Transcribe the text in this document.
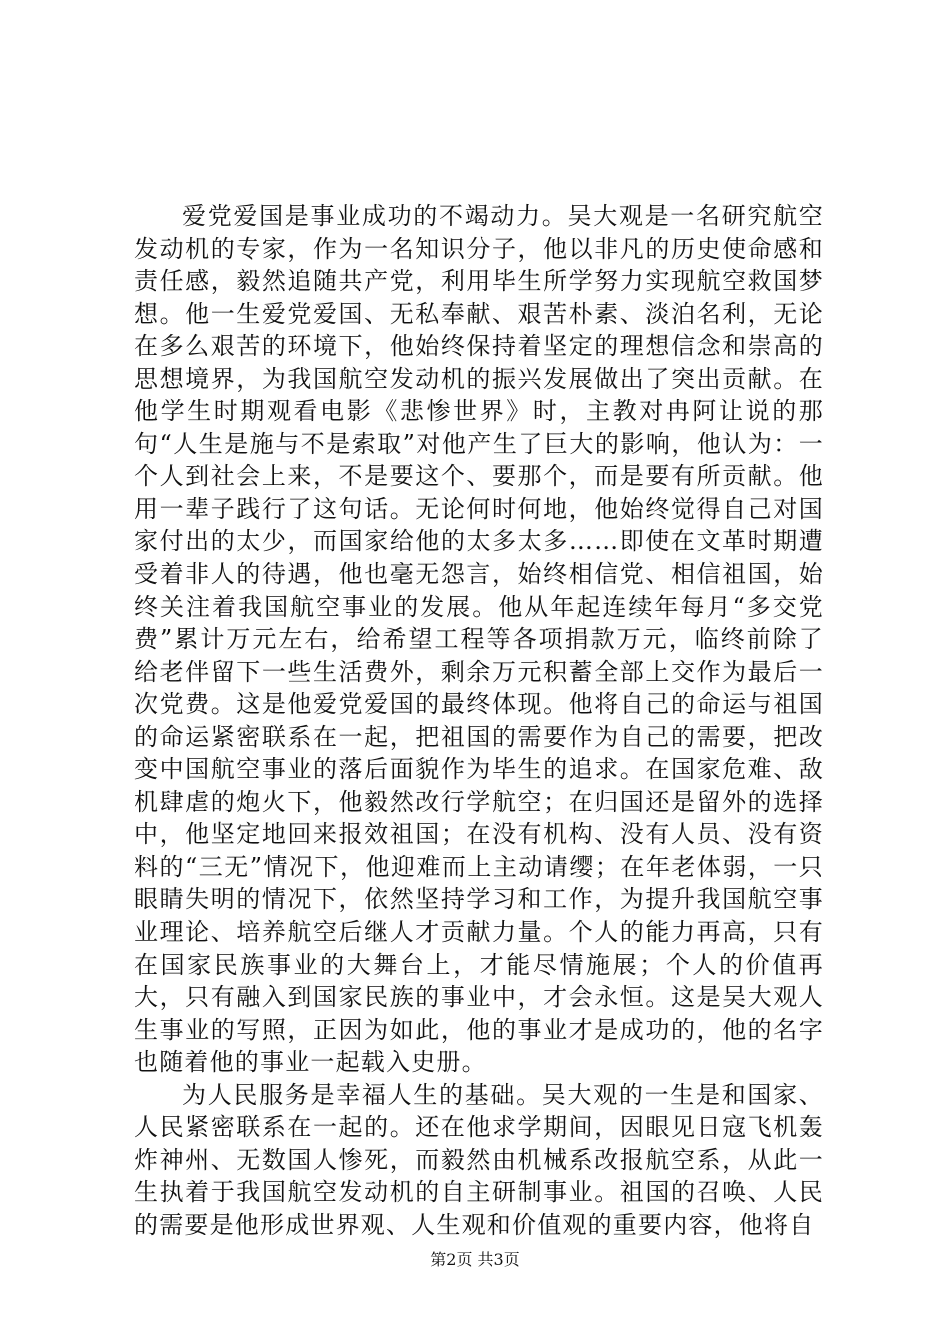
爱党爱国是事业成功的不竭动力。吴大观是一名研究航空发动机的专家，作为一名知识分子，他以非凡的历史使命感和责任感，毅然追随共产党，利用毕生所学努力实现航空救国梦想。他一生爱党爱国、无私奉献、艰苦朴素、淡泊名利，无论在多么艰苦的环境下，他始终保持着坚定的理想信念和崇高的思想境界，为我国航空发动机的振兴发展做出了突出贡献。在他学生时期观看电影《悲惨世界》时，主教对冉阿让说的那句“人生是施与不是索取”对他产生了巨大的影响，他认为：一个人到社会上来，不是要这个、要那个，而是要有所贡献。他用一辈子践行了这句话。无论何时何地，他始终觉得自己对国家付出的太少，而国家给他的太多太多……即使在文革时期遭受着非人的待遇，他也毫无怨言，始终相信党、相信祖国，始终关注着我国航空事业的发展。他从年起连续年每月“多交党费”累计万元左右，给希望工程等各项捐款万元，临终前除了给老伴留下一些生活费外，剩余万元积蓄全部上交作为最后一次党费。这是他爱党爱国的最终体现。他将自己的命运与祖国的命运紧密联系在一起，把祖国的需要作为自己的需要，把改变中国航空事业的落后面貌作为毕生的追求。在国家危难、敌机肆虐的炮火下，他毅然改行学航空；在归国还是留外的选择中，他坚定地回来报效祖国；在没有机构、没有人员、没有资料的“三无”情况下，他迎难而上主动请缨；在年老体弱，一只眼睛失明的情况下，依然坚持学习和工作，为提升我国航空事业理论、培养航空后继人才贡献力量。个人的能力再高，只有在国家民族事业的大舞台上，才能尽情施展；个人的价值再大，只有融入到国家民族的事业中，才会永恒。这是吴大观人生事业的写照，正因为如此，他的事业才是成功的，他的名字也随着他的事业一起载入史册。

为人民服务是幸福人生的基础。吴大观的一生是和国家、人民紧密联系在一起的。还在他求学期间，因眼见日寇飞机轰炸神州、无数国人惨死，而毅然由机械系改报航空系，从此一生执着于我国航空发动机的自主研制事业。祖国的召唤、人民的需要是他形成世界观、人生观和价值观的重要内容，他将自

第2页 共3页
